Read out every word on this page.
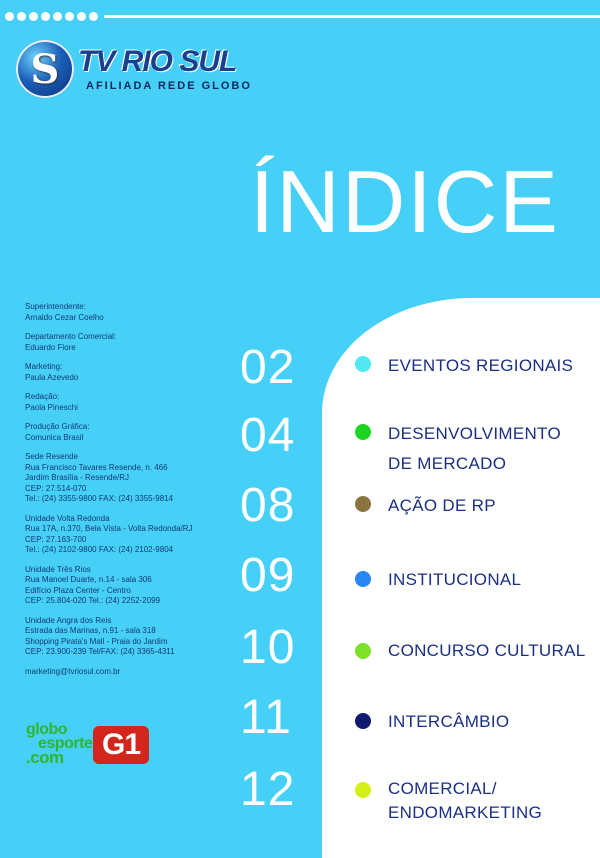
S TV RIO SUL
AFILIADA REDE GLOBO
ÍNDICE
Superintendente:
Arnaldo Cezar Coelho
Departamento Comercial:
Eduardo Fiore
Marketing:
Paula Azevedo
Redação:
Paola Pineschi
Produção Gráfica:
Comunica Brasil
Sede Resende
Rua Francisco Tavares Resende, n. 466
Jardim Brasília - Resende/RJ
CEP: 27.514-070
Tel.: (24) 3355-9800 FAX: (24) 3355-9814
Unidade Volta Redonda
Rua 17A, n.370, Bela Vista - Volta Redonda/RJ
CEP: 27.163-700
Tel.: (24) 2102-9800 FAX: (24) 2102-9804
Unidade Três Rios
Rua Manoel Duarte, n.14 - sala 306
Edifício Plaza Center - Centro
CEP: 25.804-020 Tel.: (24) 2252-2099
Unidade Angra dos Reis
Estrada das Marinas, n.91 - sala 318
Shopping Pirata's Mall - Praia do Jardim
CEP: 23.900-239 Tel/FAX: (24) 3365-4311
marketing@tvriosul.com.br
globo
esporte
.com	G1
02	EVENTOS REGIONAIS
04	DESENVOLVIMENTO
DE MERCADO
08	AÇÃO DE RP
09	INSTITUCIONAL
10	CONCURSO CULTURAL
11	INTERCÂMBIO
12	COMERCIAL/
ENDOMARKETING
